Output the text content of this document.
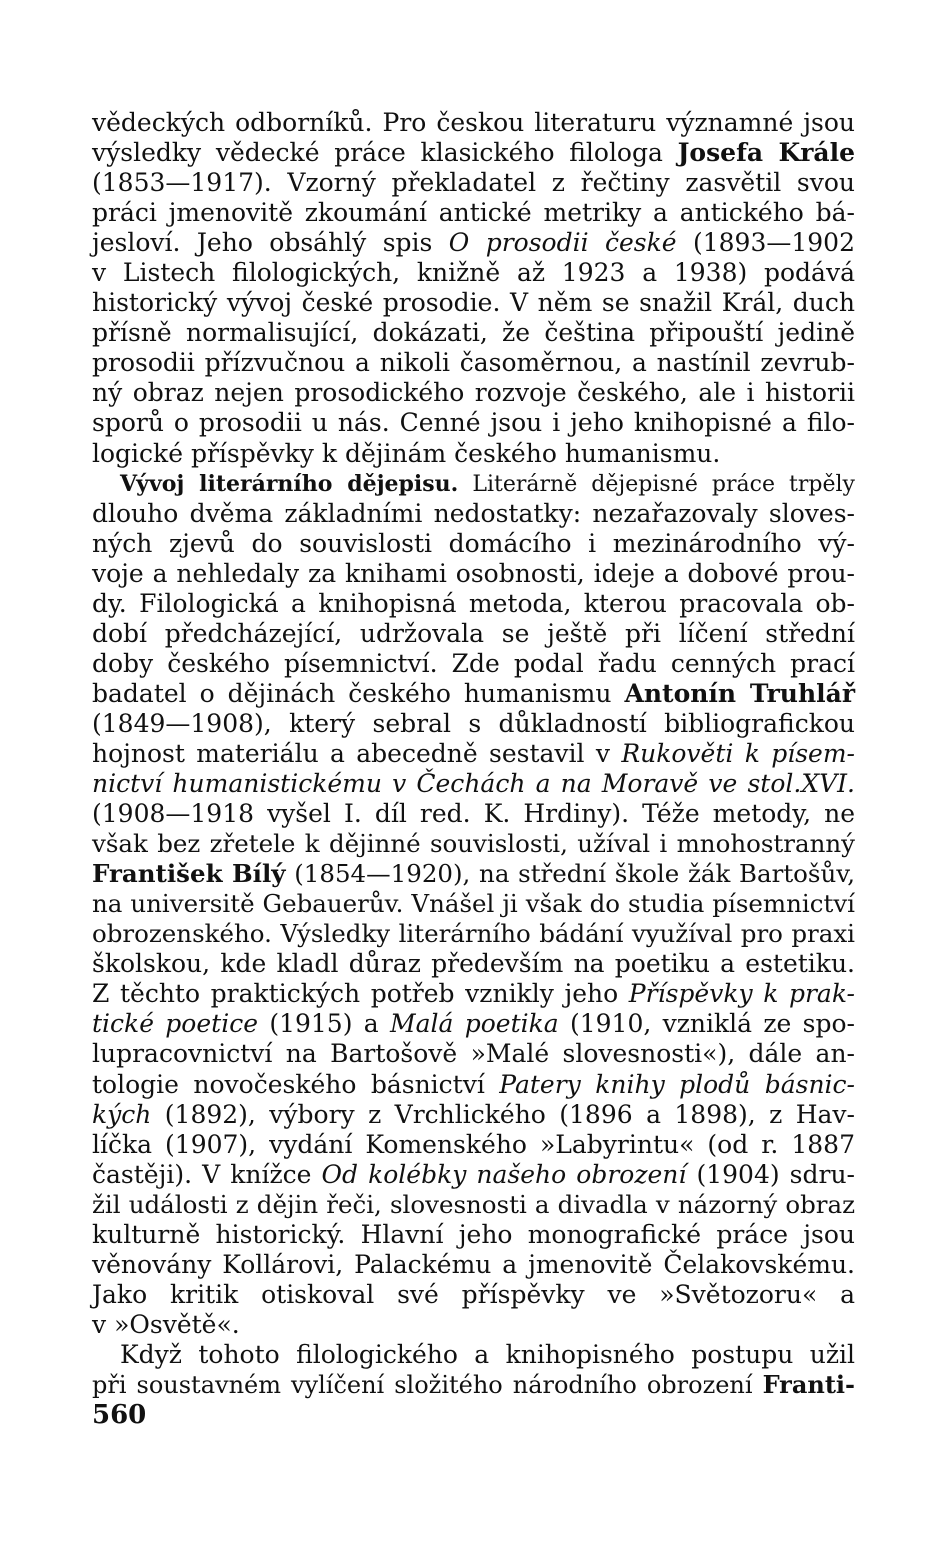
vědeckých odborníků. Pro českou literaturu významné jsou
výsledky vědecké práce klasického filologa Josefa Krále
(1853—1917). Vzorný překladatel z řečtiny zasvětil svou
práci jmenovitě zkoumání antické metriky a antického bá-
jesloví. Jeho obsáhlý spis O prosodii české (1893—1902
v Listech filologických, knižně až 1923 a 1938) podává
historický vývoj české prosodie. V něm se snažil Král, duch
přísně normalisující, dokázati, že čeština připouští jedině
prosodii přízvučnou a nikoli časoměrnou, a nastínil zevrub-
ný obraz nejen prosodického rozvoje českého, ale i historii
sporů o prosodii u nás. Cenné jsou i jeho knihopisné a filo-
logické příspěvky k dějinám českého humanismu.
Vývoj literárního dějepisu. Literárně dějepisné práce trpěly
dlouho dvěma základními nedostatky: nezařazovaly sloves-
ných zjevů do souvislosti domácího i mezinárodního vý-
voje a nehledaly za knihami osobnosti, ideje a dobové prou-
dy. Filologická a knihopisná metoda, kterou pracovala ob-
dobí předcházející, udržovala se ještě při líčení střední
doby českého písemnictví. Zde podal řadu cenných prací
badatel o dějinách českého humanismu Antonín Truhlář
(1849—1908), který sebral s důkladností bibliografickou
hojnost materiálu a abecedně sestavil v Rukověti k písem-
nictví humanistickému v Čechách a na Moravě ve stol.XVI.
(1908—1918 vyšel I. díl red. K. Hrdiny). Téže metody, ne
však bez zřetele k dějinné souvislosti, užíval i mnohostranný
František Bílý (1854—1920), na střední škole žák Bartošův,
na universitě Gebauerův. Vnášel ji však do studia písemnictví
obrozenského. Výsledky literárního bádání využíval pro praxi
školskou, kde kladl důraz především na poetiku a estetiku.
Z těchto praktických potřeb vznikly jeho Příspěvky k prak-
tické poetice (1915) a Malá poetika (1910, vzniklá ze spo-
lupracovnictví na Bartošově »Malé slovesnosti«), dále an-
tologie novočeského básnictví Patery knihy plodů básnic-
kých (1892), výbory z Vrchlického (1896 a 1898), z Hav-
líčka (1907), vydání Komenského »Labyrintu« (od r. 1887
častěji). V knížce Od kolébky našeho obrození (1904) sdru-
žil události z dějin řeči, slovesnosti a divadla v názorný obraz
kulturně historický. Hlavní jeho monografické práce jsou
věnovány Kollárovi, Palackému a jmenovitě Čelakovskému.
Jako kritik otiskoval své příspěvky ve »Světozoru« a
v »Osvětě«.
Když tohoto filologického a knihopisného postupu užil
při soustavném vylíčení složitého národního obrození Franti-
560
